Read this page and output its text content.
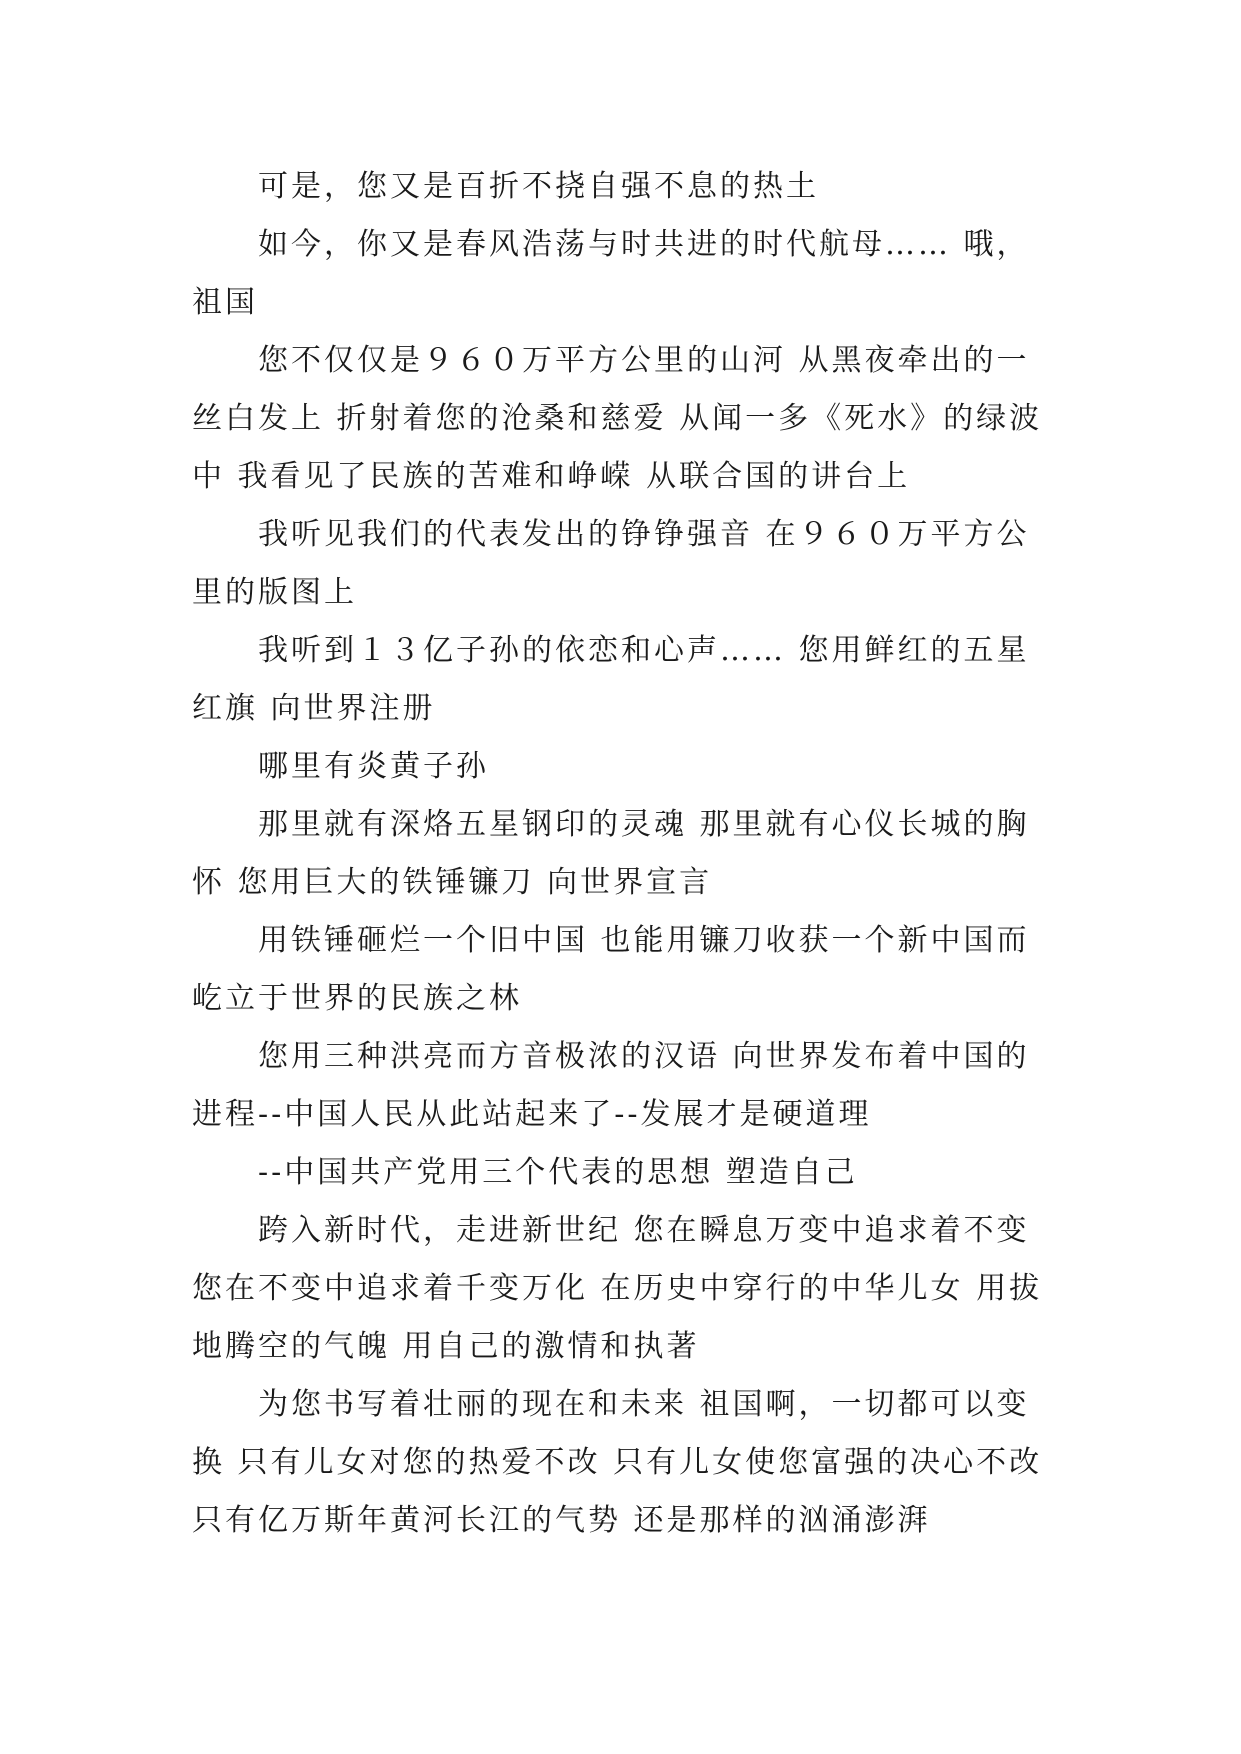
可是，您又是百折不挠自强不息的热土

如今，你又是春风浩荡与时共进的时代航母…… 哦，祖国

您不仅仅是９６０万平方公里的山河 从黑夜牵出的一丝白发上 折射着您的沧桑和慈爱 从闻一多《死水》的绿波中 我看见了民族的苦难和峥嵘 从联合国的讲台上

我听见我们的代表发出的铮铮强音 在９６０万平方公里的版图上

我听到１３亿子孙的依恋和心声…… 您用鲜红的五星红旗 向世界注册

哪里有炎黄子孙

那里就有深烙五星钢印的灵魂 那里就有心仪长城的胸怀 您用巨大的铁锤镰刀 向世界宣言

用铁锤砸烂一个旧中国 也能用镰刀收获一个新中国而屹立于世界的民族之林

您用三种洪亮而方音极浓的汉语 向世界发布着中国的进程--中国人民从此站起来了--发展才是硬道理

--中国共产党用三个代表的思想 塑造自己

跨入新时代，走进新世纪 您在瞬息万变中追求着不变 您在不变中追求着千变万化 在历史中穿行的中华儿女 用拔地腾空的气魄 用自己的激情和执著

为您书写着壮丽的现在和未来 祖国啊，一切都可以变换 只有儿女对您的热爱不改 只有儿女使您富强的决心不改 只有亿万斯年黄河长江的气势 还是那样的汹涌澎湃
